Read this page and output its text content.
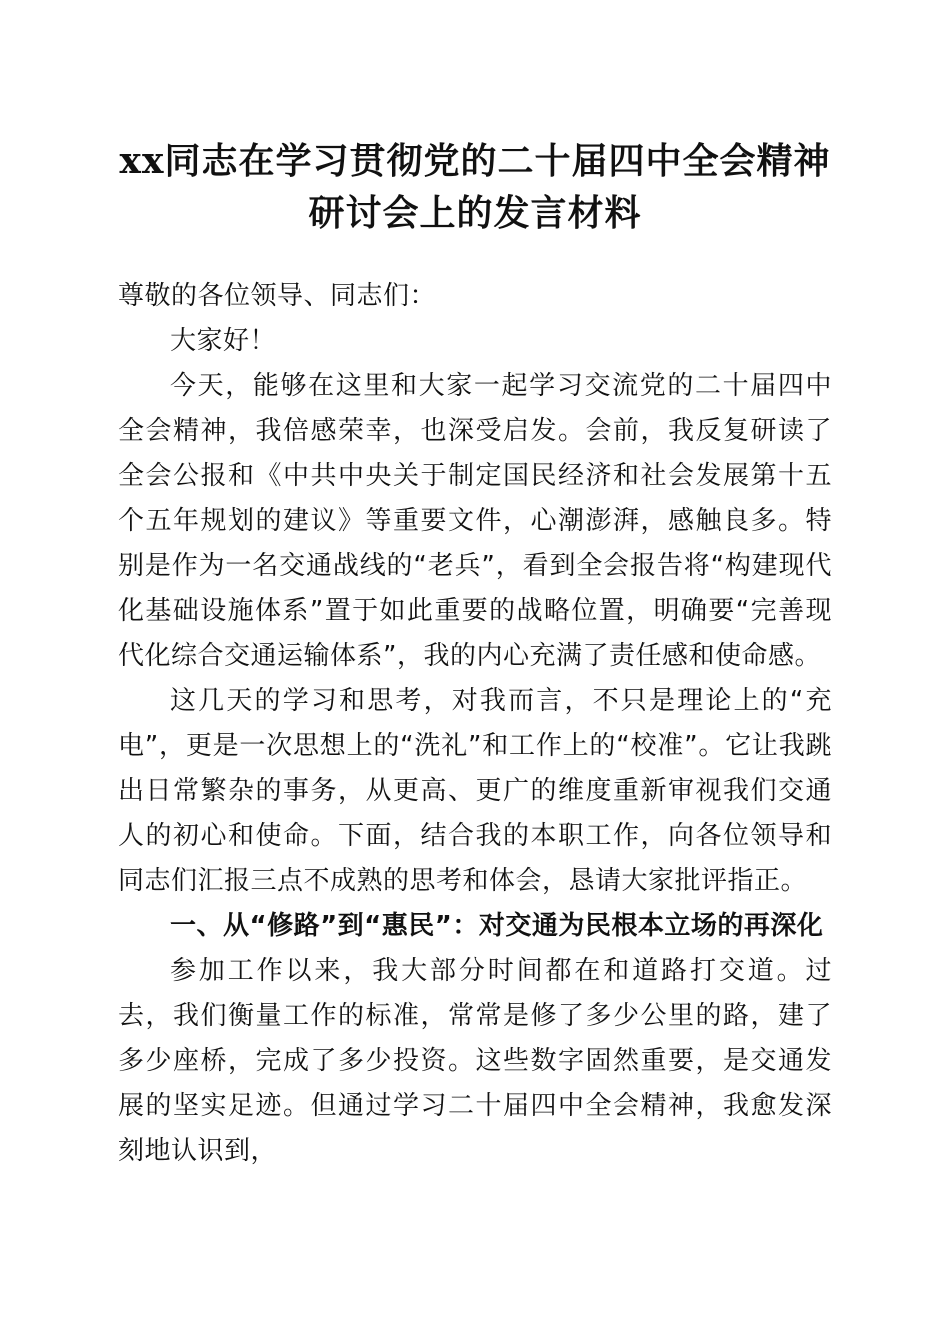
xx同志在学习贯彻党的二十届四中全会精神
研讨会上的发言材料

尊敬的各位领导、同志们：

大家好！

今天，能够在这里和大家一起学习交流党的二十届四中全会精神，我倍感荣幸，也深受启发。会前，我反复研读了全会公报和《中共中央关于制定国民经济和社会发展第十五个五年规划的建议》等重要文件，心潮澎湃，感触良多。特别是作为一名交通战线的“老兵”，看到全会报告将“构建现代化基础设施体系”置于如此重要的战略位置，明确要“完善现代化综合交通运输体系”，我的内心充满了责任感和使命感。

这几天的学习和思考，对我而言，不只是理论上的“充电”，更是一次思想上的“洗礼”和工作上的“校准”。它让我跳出日常繁杂的事务，从更高、更广的维度重新审视我们交通人的初心和使命。下面，结合我的本职工作，向各位领导和同志们汇报三点不成熟的思考和体会，恳请大家批评指正。

一、从“修路”到“惠民”：对交通为民根本立场的再深化

参加工作以来，我大部分时间都在和道路打交道。过去，我们衡量工作的标准，常常是修了多少公里的路，建了多少座桥，完成了多少投资。这些数字固然重要，是交通发展的坚实足迹。但通过学习二十届四中全会精神，我愈发深刻地认识到，
